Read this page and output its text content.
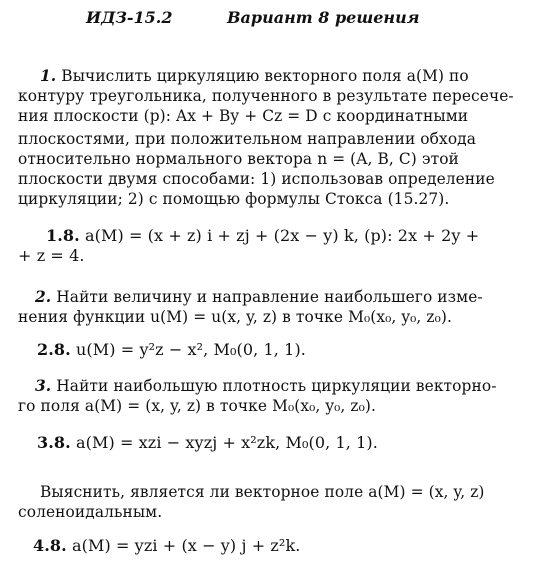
ИДЗ-15.2	Вариант 8 решения
1. Вычислить циркуляцию векторного поля a(M) по
контуру треугольника, полученного в результате пересече-
ния плоскости (p): Ax + By + Cz = D с координатными
плоскостями, при положительном направлении обхода
относительно нормального вектора n = (A, B, C) этой
плоскости двумя способами: 1) использовав определение
циркуляции; 2) с помощью формулы Стокса (15.27).
1.8. a(M) = (x + z) i + zj + (2x − y) k, (p): 2x + 2y +
+ z = 4.
2. Найти величину и направление наибольшего изме-
нения функции u(M) = u(x, y, z) в точке M₀(x₀, y₀, z₀).
2.8. u(M) = y²z − x², M₀(0, 1, 1).
3. Найти наибольшую плотность циркуляции векторно-
го поля a(M) = (x, y, z) в точке M₀(x₀, y₀, z₀).
3.8. a(M) = xzi − xyzj + x²zk, M₀(0, 1, 1).
Выяснить, является ли векторное поле a(M) = (x, y, z)
соленоидальным.
4.8. a(M) = yzi + (x − y) j + z²k.
